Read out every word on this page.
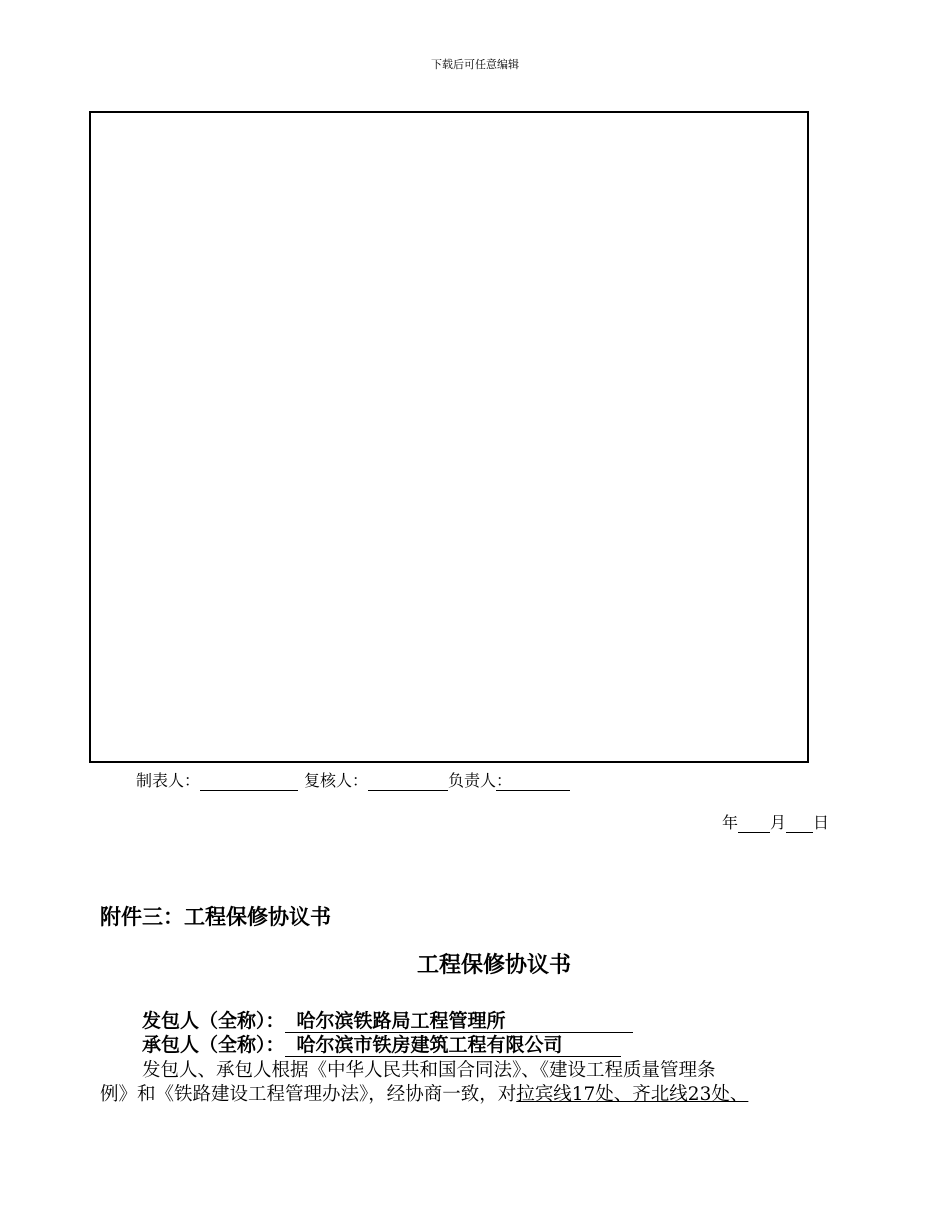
下载后可任意编辑
制表人：	复核人：	负责人 ：
年 月 日
附件三：工程保修协议书
工程保修协议书
发包人（全称）： 哈尔滨铁路局工程管理所
承包人（全称）： 哈尔滨市铁房建筑工程有限公司
发包人、承包人根据《中华人民共和国合同法》、《建设工程质量管理条
例》和《铁路建设工程管理办法》，经协商一致，对拉宾线17处、齐北线23处、
